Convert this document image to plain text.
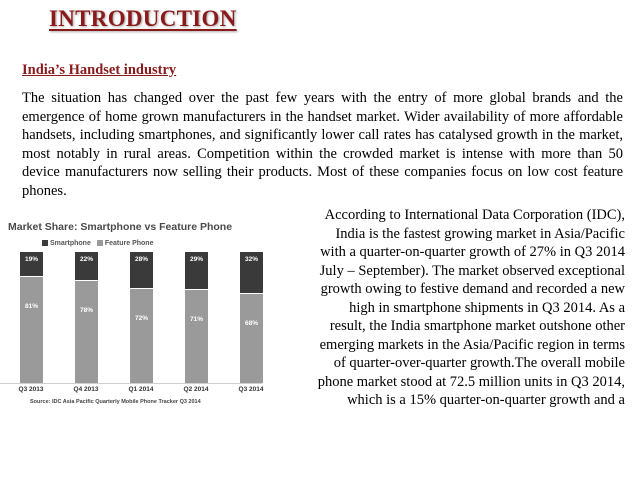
INTRODUCTION
India’s Handset industry

The situation has changed over the past few years with the entry of more global brands and the emergence of home grown manufacturers in the handset market. Wider availability of more affordable handsets, including smartphones, and significantly lower call rates has catalysed growth in the market, most notably in rural areas. Competition within the crowded market is intense with more than 50 device manufacturers now selling their products. Most of these companies focus on low cost feature phones.

Market Share: Smartphone vs Feature Phone
Smartphone	Feature Phone
Source: IDC Asia Pacific Quarterly Mobile Phone Tracker Q3 2014
19%
81%
Q3 2013
22%
78%
Q4 2013
28%
72%
Q1 2014
29%
71%
Q2 2014
32%
68%
Q3 2014
According to International Data Corporation (IDC),
India is the fastest growing market in Asia/Pacific
with a quarter-on-quarter growth of 27% in Q3 2014
July – September). The market observed exceptional
growth owing to festive demand and recorded a new
high in smartphone shipments in Q3 2014. As a
result, the India smartphone market outshone other
emerging markets in the Asia/Pacific region in terms
of quarter-over-quarter growth.The overall mobile
phone market stood at 72.5 million units in Q3 2014,
which is a 15% quarter-on-quarter growth and a
